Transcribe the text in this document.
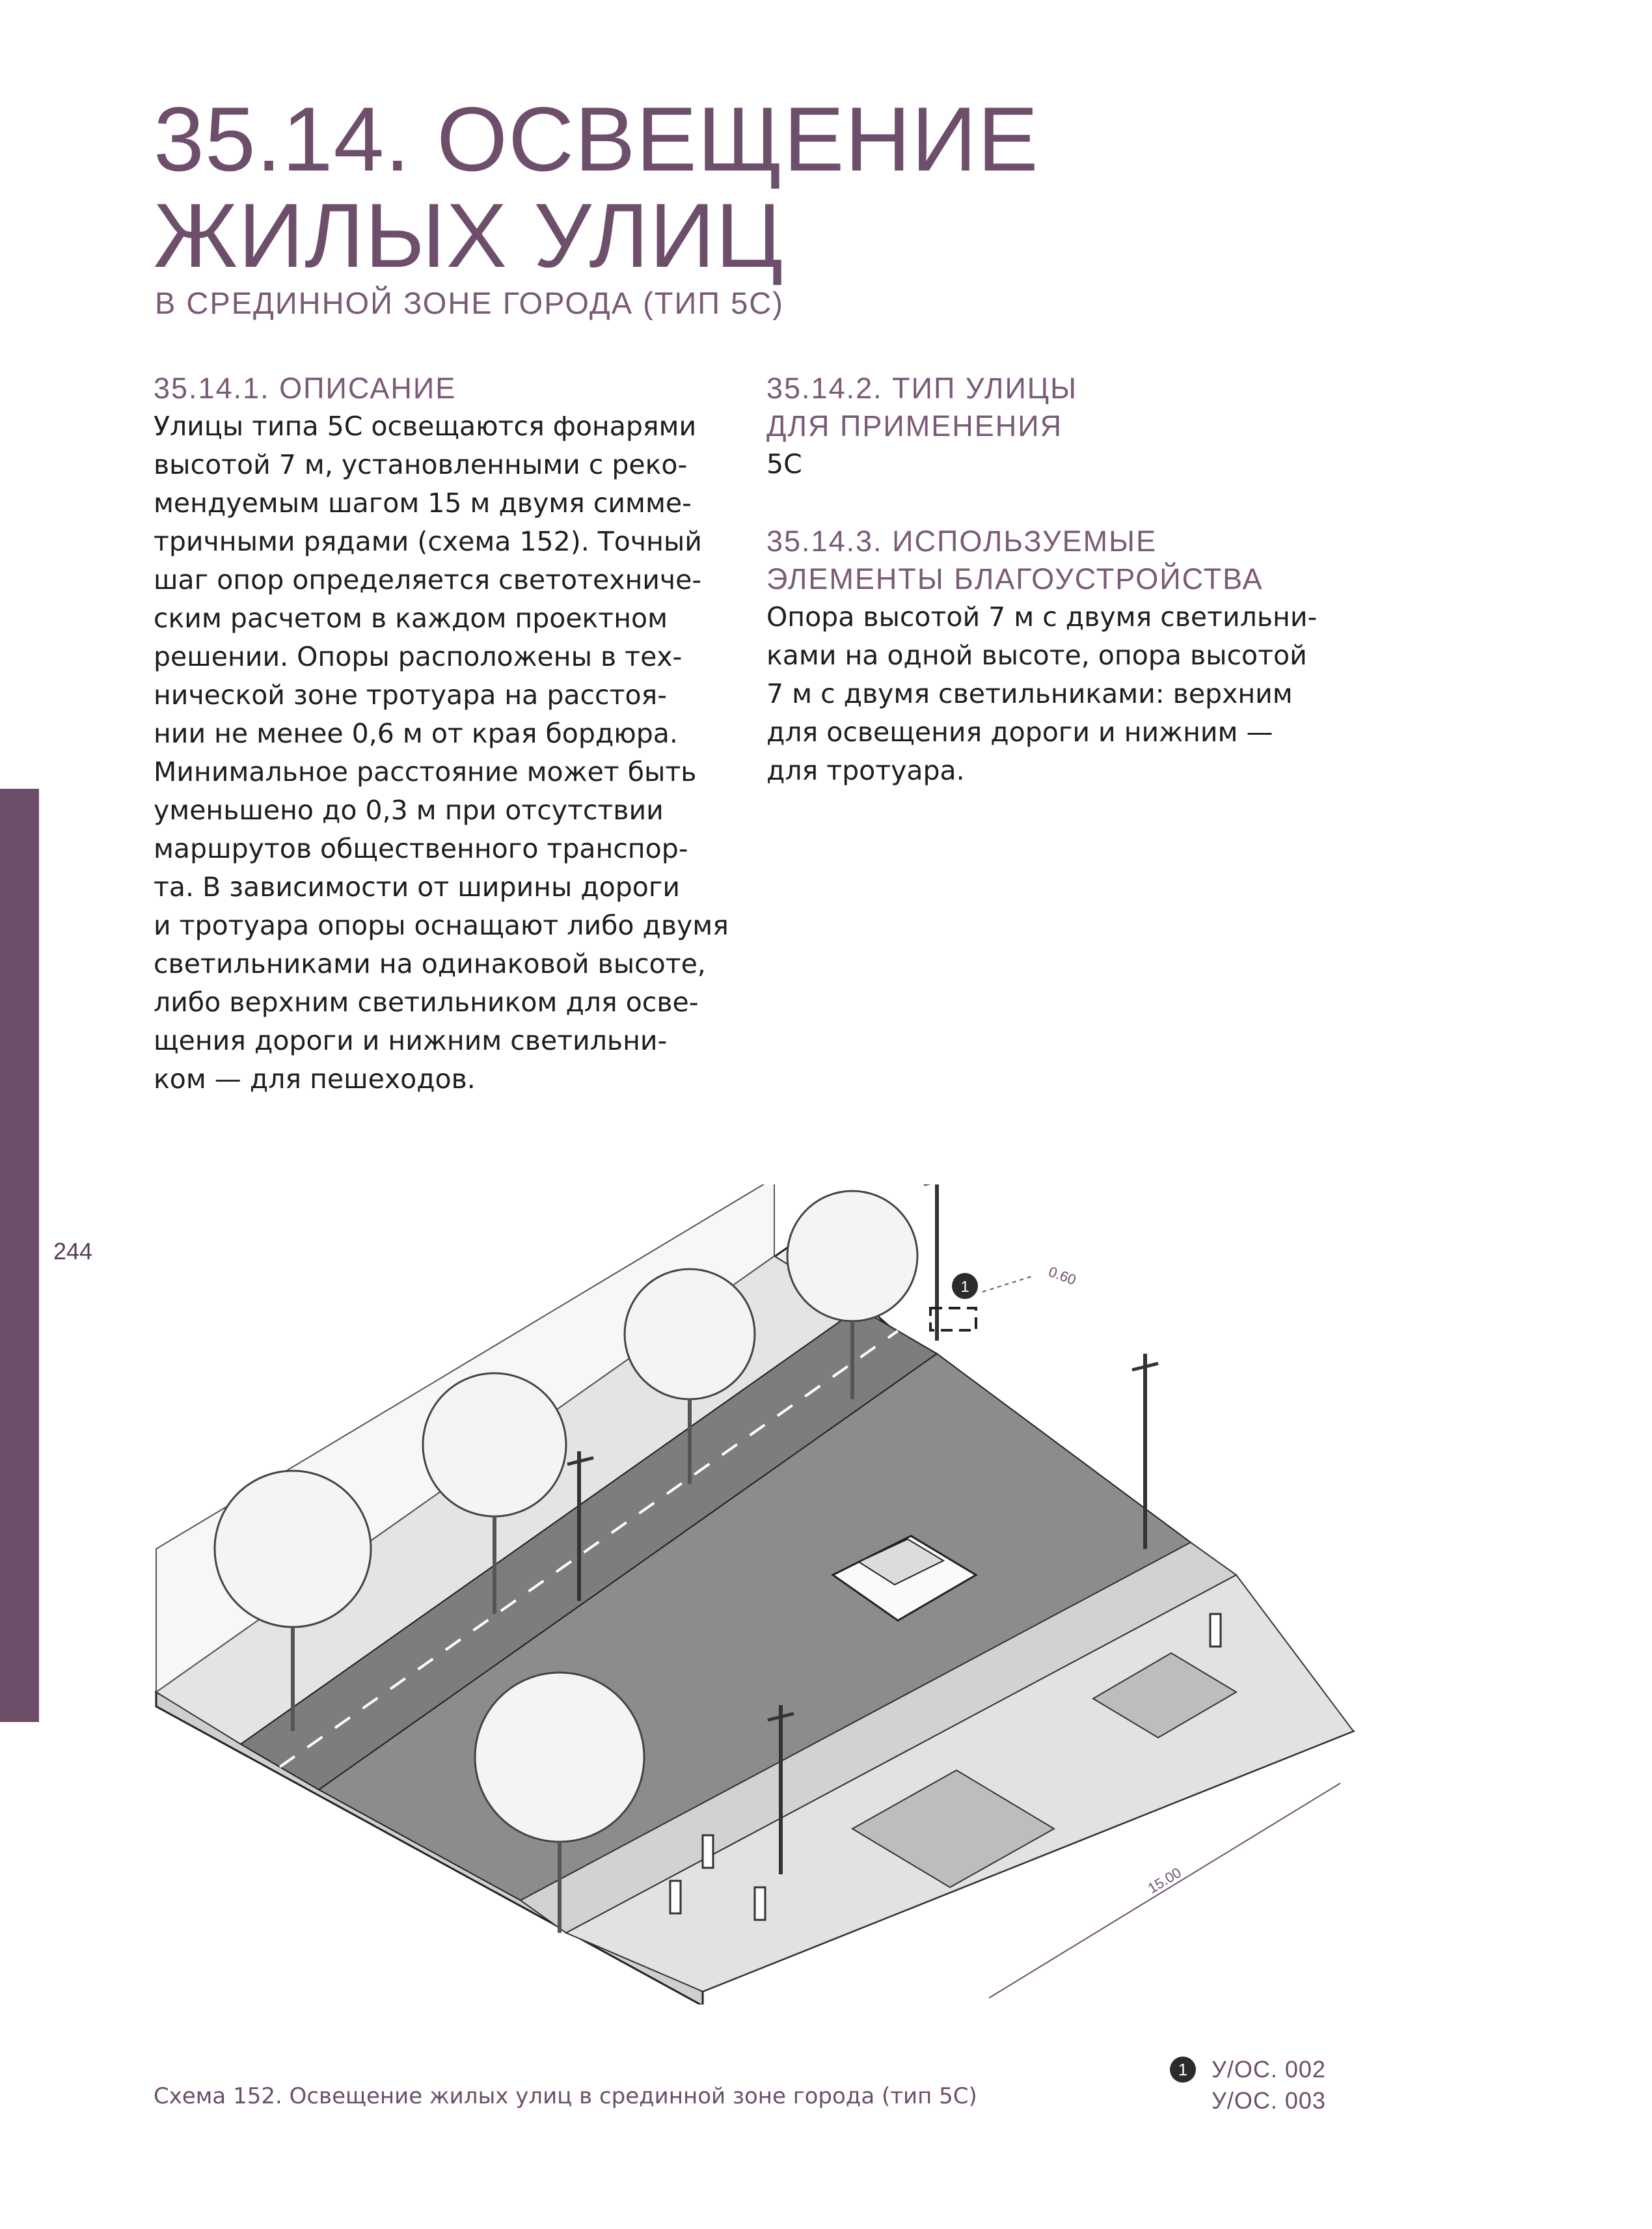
244
35.14. ОСВЕЩЕНИЕ
ЖИЛЫХ УЛИЦ
В СРЕДИННОЙ ЗОНЕ ГОРОДА (ТИП 5С)

35.14.1. ОПИСАНИЕ

Улицы типа 5С освещаются фонарями
высотой 7 м, установленными с реко-
мендуемым шагом 15 м двумя симме-
тричными рядами (схема 152). Точный
шаг опор определяется светотехниче-
ским расчетом в каждом проектном
решении. Опоры расположены в тех-
нической зоне тротуара на расстоя-
нии не менее 0,6 м от края бордюра.
Минимальное расстояние может быть
уменьшено до 0,3 м при отсутствии
маршрутов общественного транспор-
та. В зависимости от ширины дороги
и тротуара опоры оснащают либо двумя
светильниками на одинаковой высоте,
либо верхним светильником для осве-
щения дороги и нижним светильни-
ком — для пешеходов.

35.14.2. ТИП УЛИЦЫ

ДЛЯ ПРИМЕНЕНИЯ

5С

35.14.3. ИСПОЛЬЗУЕМЫЕ

ЭЛЕМЕНТЫ БЛАГОУСТРОЙСТВА

Опора высотой 7 м с двумя светильни-
ками на одной высоте, опора высотой
7 м с двумя светильниками: верхним
для освещения дороги и нижним —
для тротуара.

1	0.60
15.00
Схема 152. Освещение жилых улиц в срединной зоне города (тип 5С)
1	У/ОС. 002
У/ОС. 003
